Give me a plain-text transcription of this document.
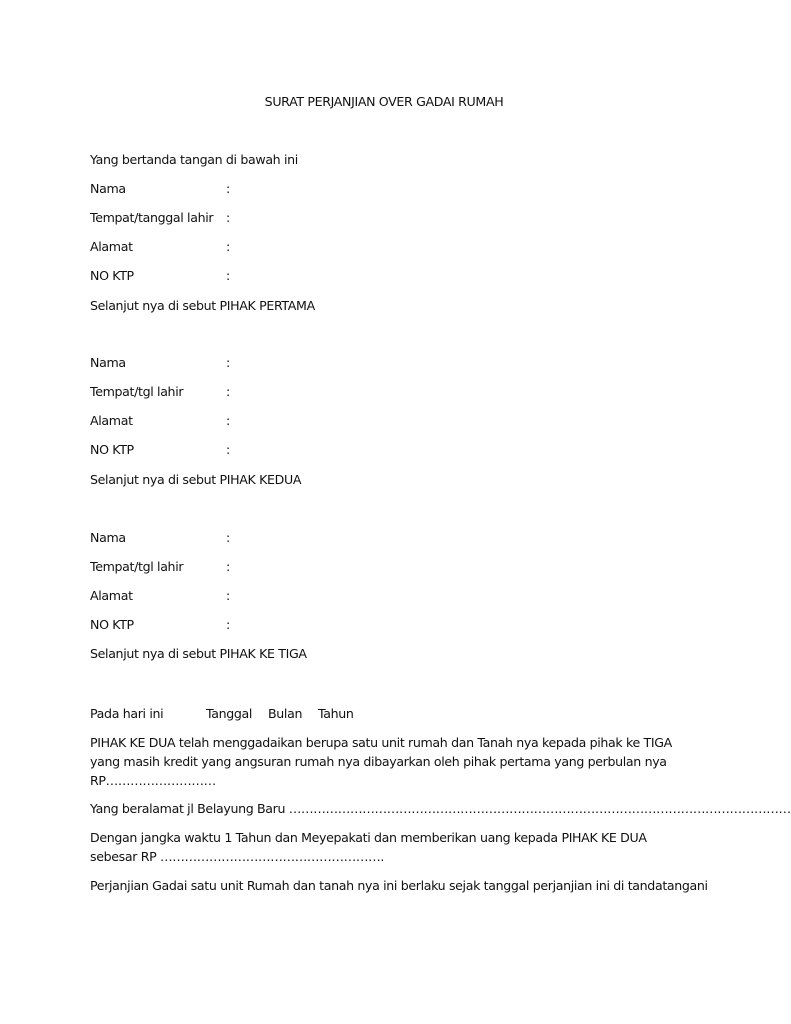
SURAT PERJANJIAN OVER GADAI RUMAH
Yang bertanda tangan di bawah ini
Nama	:
Tempat/tanggal lahir :
Alamat	:
NO KTP	:
Selanjut nya di sebut PIHAK PERTAMA
Nama	:
Tempat/tgl lahir	:
Alamat	:
NO KTP	:
Selanjut nya di sebut PIHAK KEDUA
Nama	:
Tempat/tgl lahir	:
Alamat	:
NO KTP	:
Selanjut nya di sebut PIHAK KE TIGA

Pada hari ini

	Tanggal

Bulan

Tahun

PIHAK KE DUA telah menggadaikan berupa satu unit rumah dan Tanah nya kepada pihak ke TIGA yang masih kredit yang angsuran rumah nya dibayarkan oleh pihak pertama yang perbulan nya RP………………………
Yang beralamat jl Belayung Baru ……………………………………………………………………………………………………………
Dengan jangka waktu 1 Tahun dan Meyepakati dan memberikan uang kepada PIHAK KE DUA sebesar RP ……………………………………………….
Perjanjian Gadai satu unit Rumah dan tanah nya ini berlaku sejak tanggal perjanjian ini di tandatangani
